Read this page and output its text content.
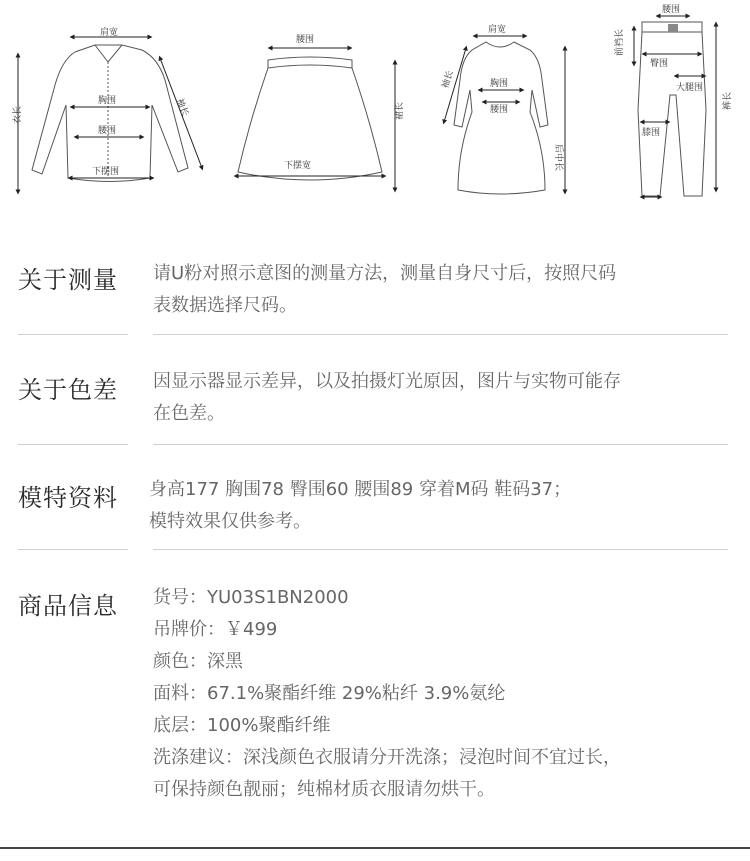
肩宽
衣长	袖长
胸围
腰围
下摆围
腰围
裙长
下摆宽
肩宽
袖长	胸围
腰围
后中长
腰围
前裆长
臀围
大腿围
膝围
裤长
关于测量 请U粉对照示意图的测量方法，测量自身尺寸后，按照尺码
表数据选择尺码。
关于色差 因显示器显示差异，以及拍摄灯光原因，图片与实物可能存
在色差。
模特资料 身高177 胸围78 臀围60 腰围89 穿着M码 鞋码37；
模特效果仅供参考。
商品信息 货号：YU03S1BN2000
吊牌价：￥499
颜色：深黑
面料：67.1%聚酯纤维 29%粘纤 3.9%氨纶
底层：100%聚酯纤维
洗涤建议：深浅颜色衣服请分开洗涤；浸泡时间不宜过长，
可保持颜色靓丽；纯棉材质衣服请勿烘干。
